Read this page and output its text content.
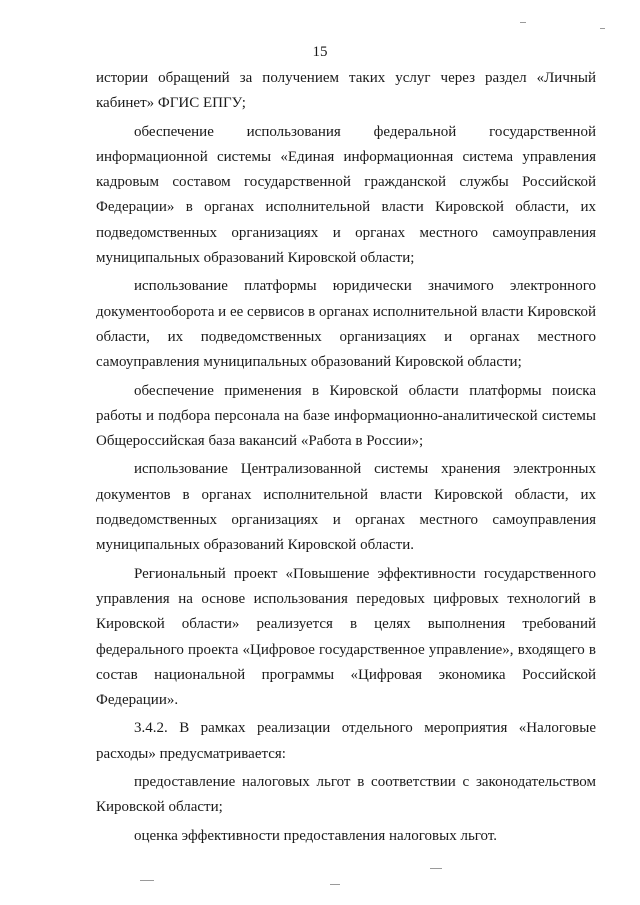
15

истории обращений за получением таких услуг через раздел «Личный кабинет» ФГИС ЕПГУ;

обеспечение использования федеральной государственной информационной системы «Единая информационная система управления кадровым составом государственной гражданской службы Российской Федерации» в органах исполнительной власти Кировской области, их подведомственных организациях и органах местного самоуправления муниципальных образований Кировской области;

использование платформы юридически значимого электронного документооборота и ее сервисов в органах исполнительной власти Кировской области, их подведомственных организациях и органах местного самоуправления муниципальных образований Кировской области;

обеспечение применения в Кировской области платформы поиска работы и подбора персонала на базе информационно-аналитической системы Общероссийская база вакансий «Работа в России»;

использование Централизованной системы хранения электронных документов в органах исполнительной власти Кировской области, их подведомственных организациях и органах местного самоуправления муниципальных образований Кировской области.

Региональный проект «Повышение эффективности государственного управления на основе использования передовых цифровых технологий в Кировской области» реализуется в целях выполнения требований федерального проекта «Цифровое государственное управление», входящего в состав национальной программы «Цифровая экономика Российской Федерации».

3.4.2. В рамках реализации отдельного мероприятия «Налоговые расходы» предусматривается:

предоставление налоговых льгот в соответствии с законодательством Кировской области;

оценка эффективности предоставления налоговых льгот.
